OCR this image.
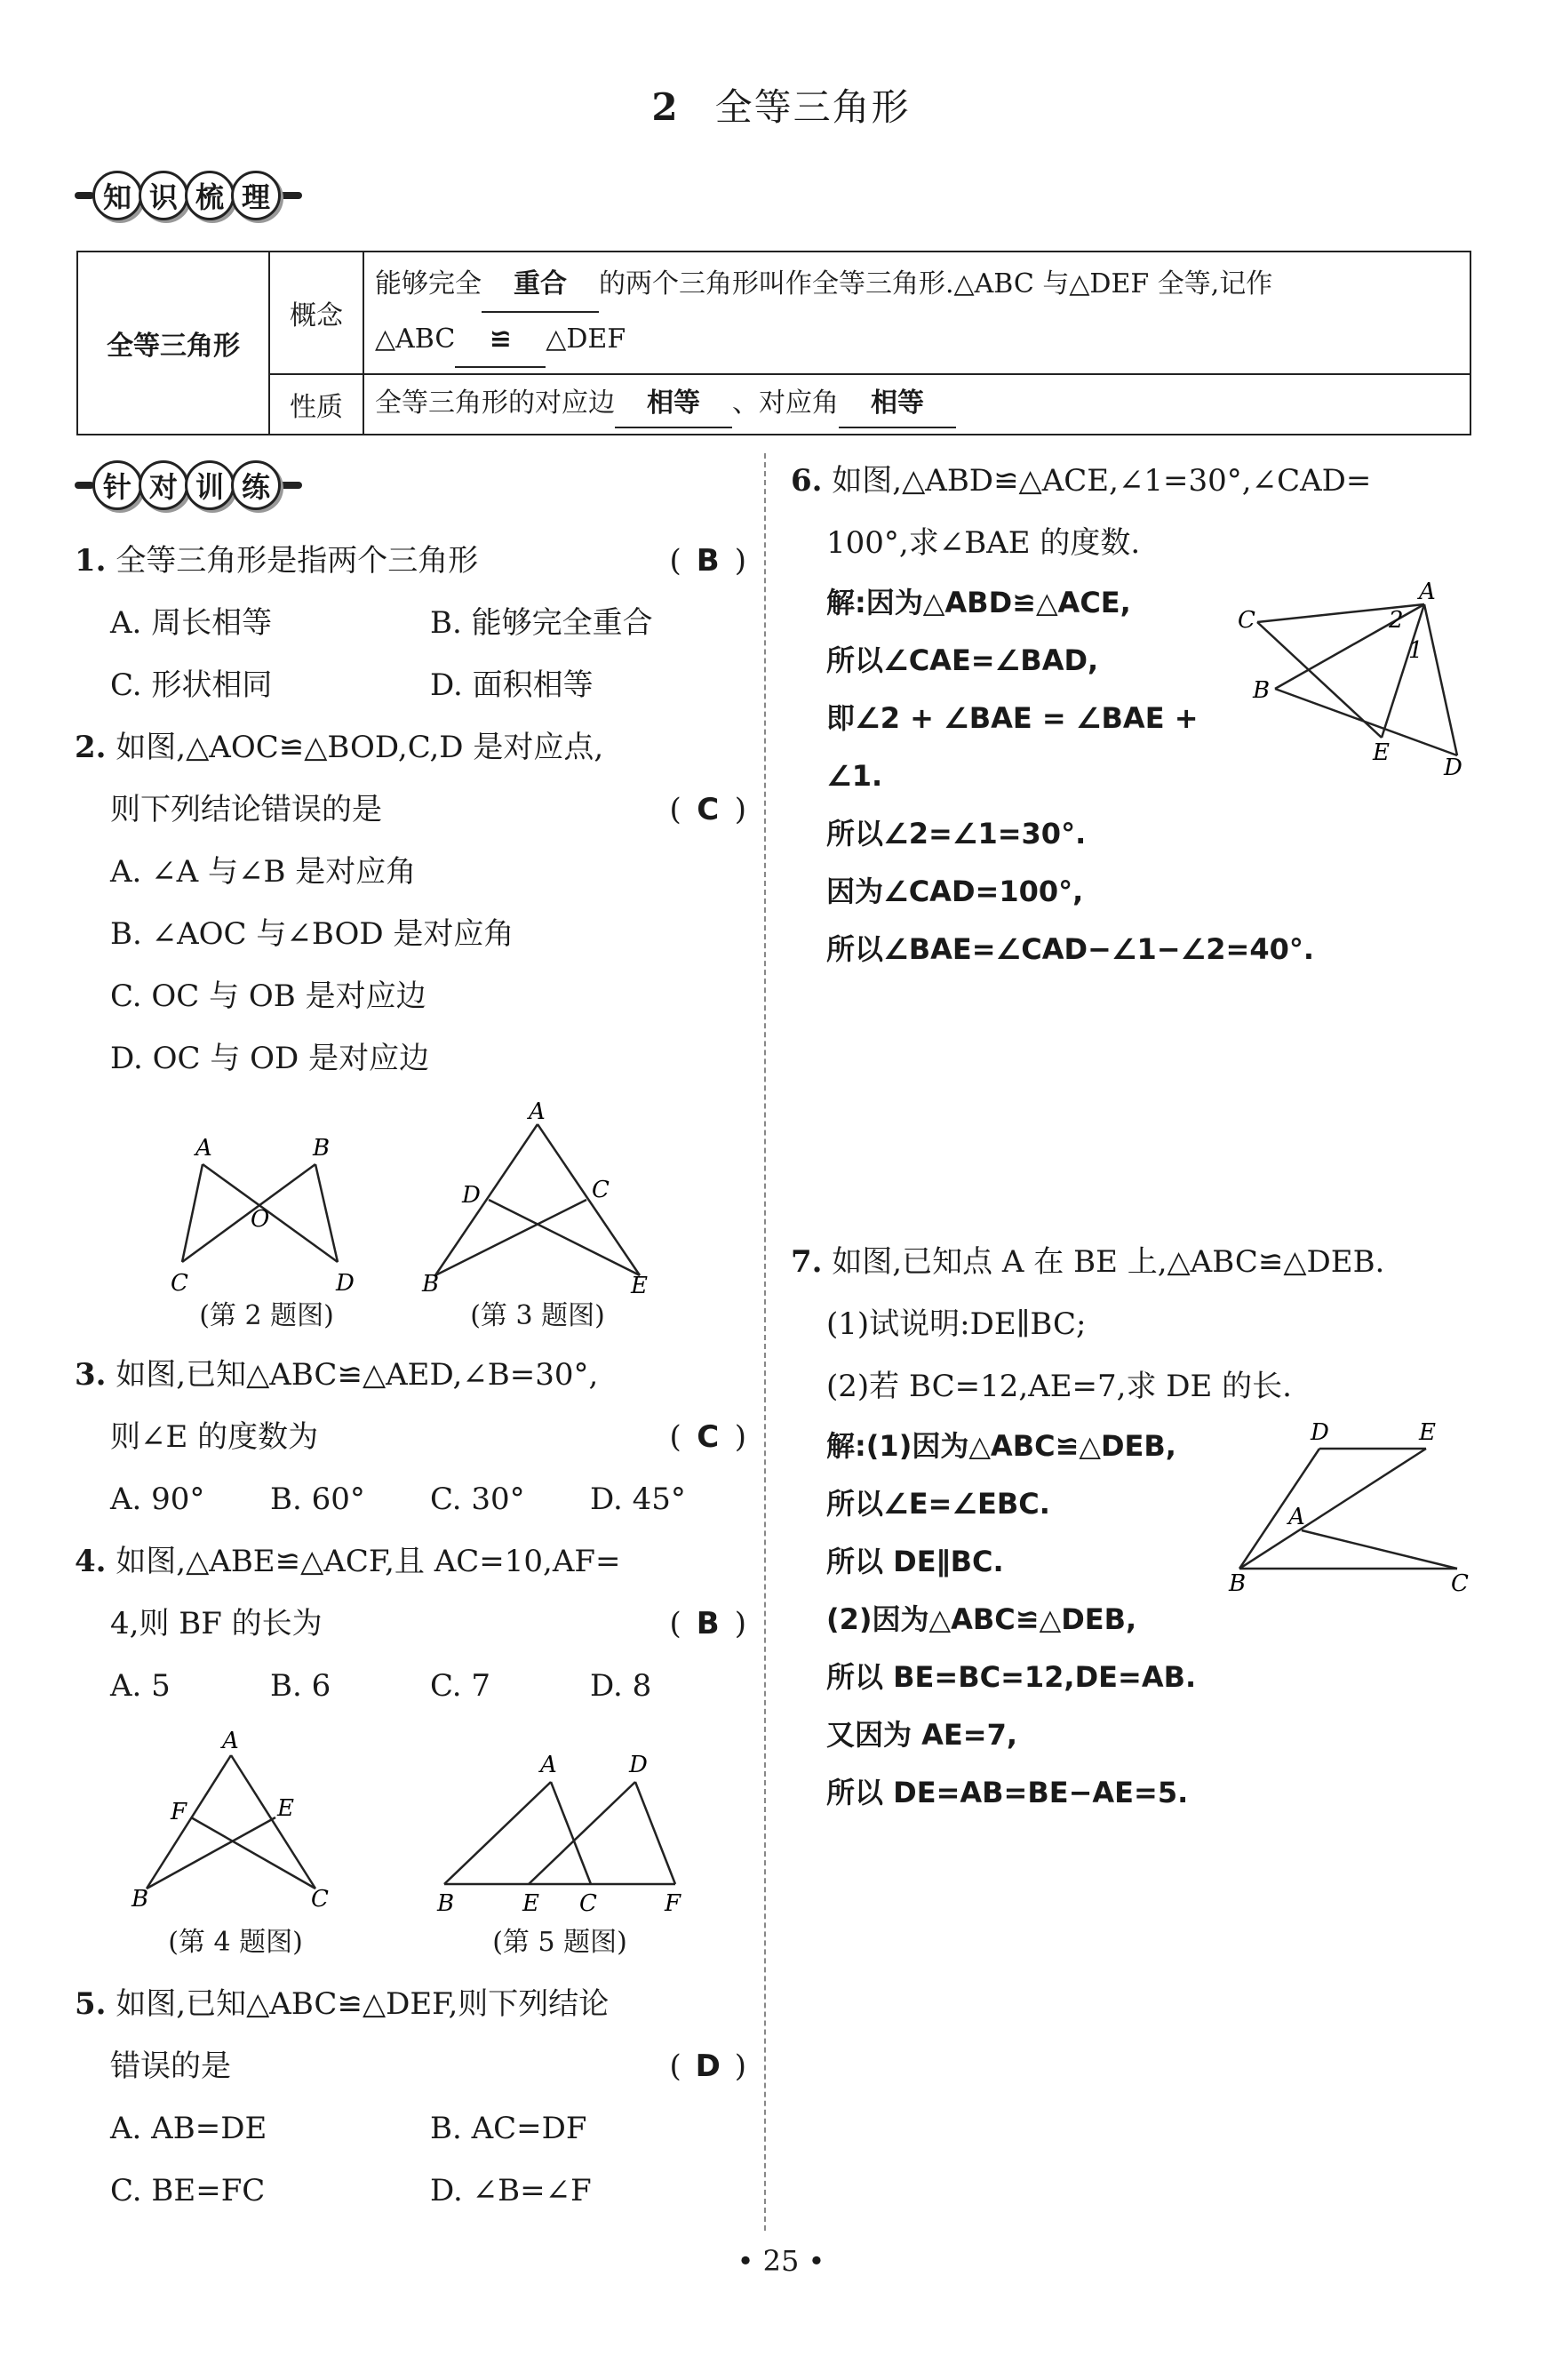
2 全等三角形
知 识 梳 理
全等三角形	概念	能够完全 重合 的两个三角形叫作全等三角形.△ABC 与△DEF 全等,记作
△ABC ≌ △DEF
	性质	全等三角形的对应边 相等 、对应角 相等
针 对 训 练
1. 全等三角形是指两个三角形	( B )
A. 周长相等	B. 能够完全重合
C. 形状相同	D. 面积相等
2. 如图,△AOC≌△BOD,C,D 是对应点,
则下列结论错误的是	( C )
A. ∠A 与∠B 是对应角
B. ∠AOC 与∠BOD 是对应角
C. OC 与 OB 是对应边
D. OC 与 OD 是对应边
A	B
O
C	D
(第 2 题图)
A
D	C
B	E
(第 3 题图)
3. 如图,已知△ABC≌△AED,∠B=30°,
则∠E 的度数为	( C )
A. 90°	B. 60°	C. 30°	D. 45°
4. 如图,△ABE≌△ACF,且 AC=10,AF=
4,则 BF 的长为	( B )
A. 5	B. 6	C. 7	D. 8
A
F	E
B	C
(第 4 题图)
A	D
B	E C	F
(第 5 题图)
5. 如图,已知△ABC≌△DEF,则下列结论
错误的是	( D )
A. AB=DE	B. AC=DF
C. BE=FC	D. ∠B=∠F
6. 如图,△ABD≌△ACE,∠1=30°,∠CAD=
100°,求∠BAE 的度数.
解:因为△ABD≌△ACE,
所以∠CAE=∠BAD,
即∠2 + ∠BAE = ∠BAE +
∠1.
所以∠2=∠1=30°.
因为∠CAD=100°,
所以∠BAE=∠CAD−∠1−∠2=40°.
A
C	2
1
B
E
D
7. 如图,已知点 A 在 BE 上,△ABC≌△DEB.
(1)试说明:DE∥BC;
(2)若 BC=12,AE=7,求 DE 的长.
解:(1)因为△ABC≌△DEB,
所以∠E=∠EBC.
所以 DE∥BC.
(2)因为△ABC≌△DEB,
所以 BE=BC=12,DE=AB.
又因为 AE=7,
所以 DE=AB=BE−AE=5.
D	E
A
B	C
• 25 •
